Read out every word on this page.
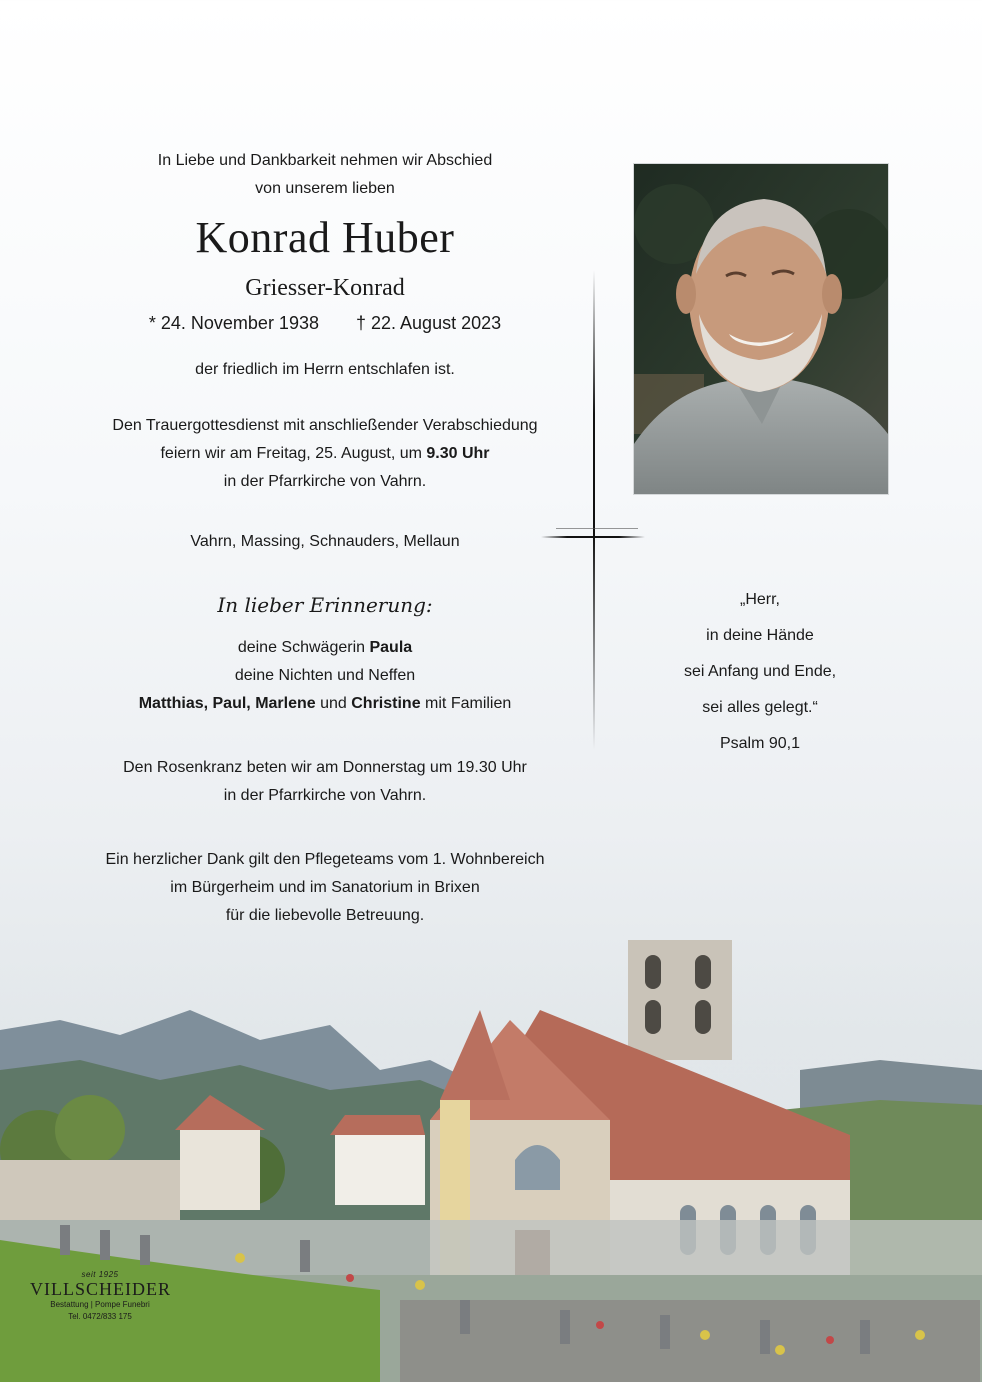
In Liebe und Dankbarkeit nehmen wir Abschied

von unserem lieben

Konrad Huber
Griesser-Konrad
* 24. November 1938 † 22. August 2023

der friedlich im Herrn entschlafen ist.

Den Trauergottesdienst mit anschließender Verabschiedung

feiern wir am Freitag, 25. August, um 9.30 Uhr

in der Pfarrkirche von Vahrn.

Vahrn, Massing, Schnauders, Mellaun

In lieber Erinnerung:

deine Schwägerin Paula

deine Nichten und Neffen

Matthias, Paul, Marlene und Christine mit Familien

Den Rosenkranz beten wir am Donnerstag um 19.30 Uhr

in der Pfarrkirche von Vahrn.

Ein herzlicher Dank gilt den Pflegeteams vom 1. Wohnbereich

im Bürgerheim und im Sanatorium in Brixen

für die liebevolle Betreuung.

„Herr,

in deine Hände

sei Anfang und Ende,

sei alles gelegt.“

Psalm 90,1

seit 1925
VILLSCHEIDER
Bestattung | Pompe Funebri
Tel. 0472/833 175
